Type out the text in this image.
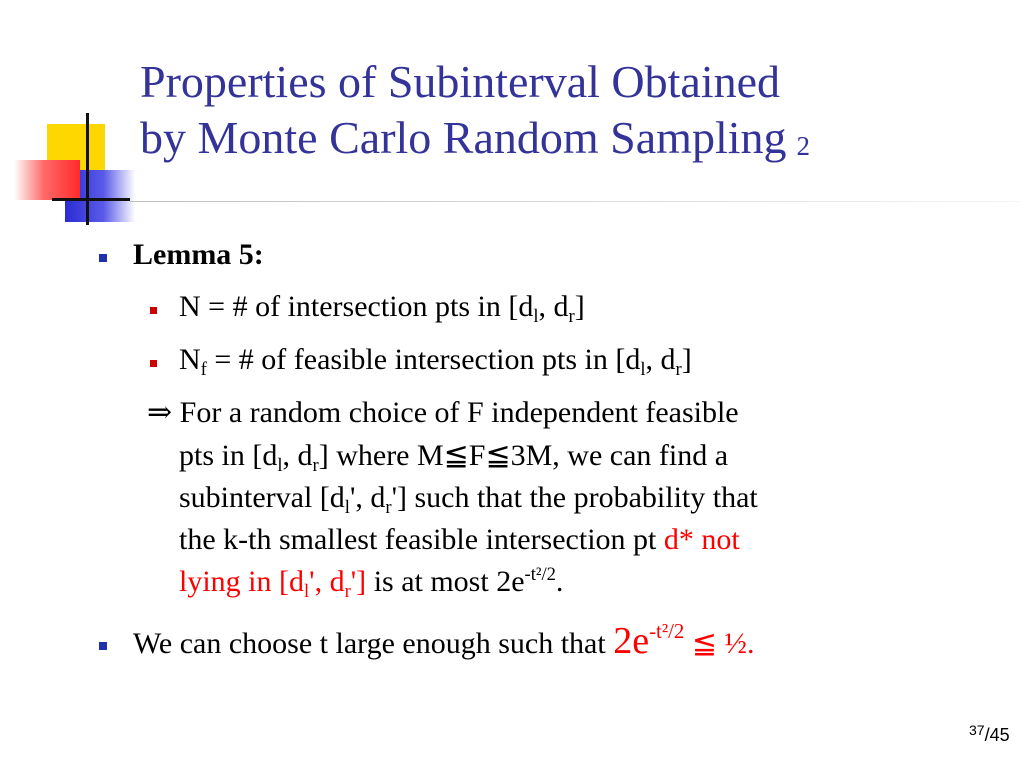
Properties of Subinterval Obtained
by Monte Carlo Random Sampling 2
Lemma 5:
N = # of intersection pts in [$d_l$, $d_r$]
$N_f$ = # of feasible intersection pts in [$d_l$, $d_r$]
⇒ For a random choice of F independent feasible
pts in [$d_l$, $d_r$] where M≦F≦3M, we can find a
subinterval [$d_l'$, $d_r'$] such that the probability that
the k-th smallest feasible intersection pt d* not
lying in [$d_l'$, $d_r'$] is at most $2e^{-t^2/2}$.
We can choose t large enough such that $2e^{-t^2/2}$ ≦ ½.
$^{37}$/45
